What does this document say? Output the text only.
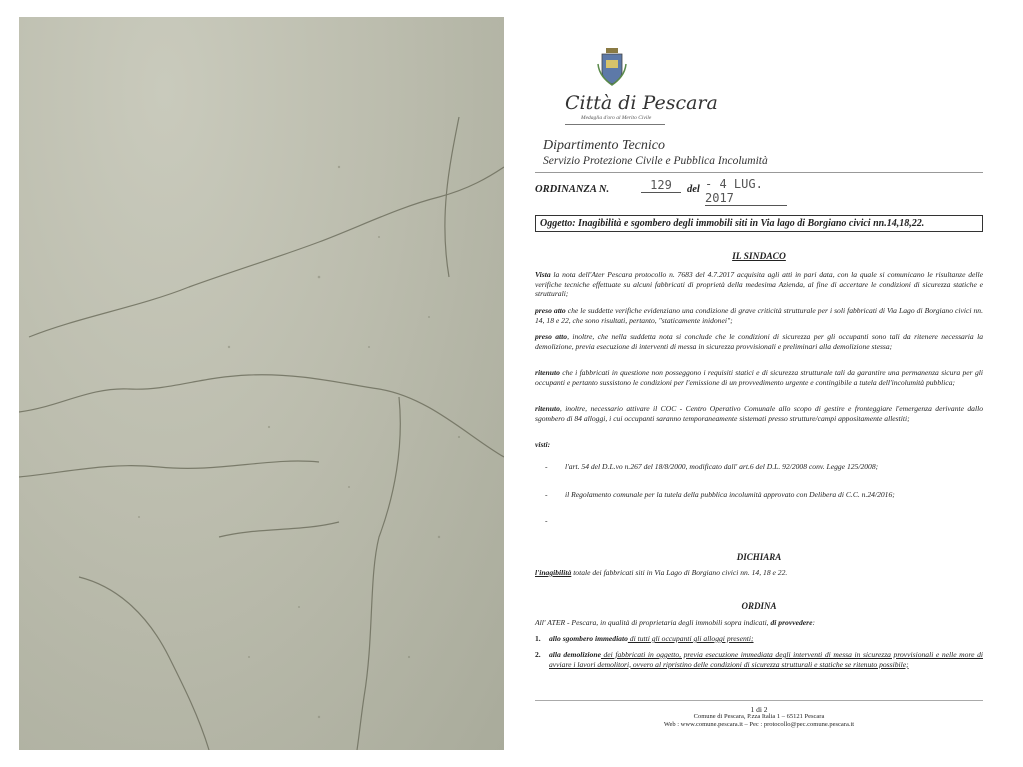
Città di Pescara
Medaglia d'oro al Merito Civile
Dipartimento Tecnico
Servizio Protezione Civile e Pubblica Incolumità
ORDINANZA N.	129	del - 4 LUG. 2017
Oggetto: Inagibilità e sgombero degli immobili siti in Via lago di Borgiano civici nn.14,18,22.
IL SINDACO
Vista la nota dell'Ater Pescara protocollo n. 7683 del 4.7.2017 acquisita agli atti in pari data, con la quale si comunicano le risultanze delle verifiche tecniche effettuate su alcuni fabbricati di proprietà della medesima Azienda, al fine di accertare le condizioni di sicurezza statiche e strutturali;
preso atto che le suddette verifiche evidenziano una condizione di grave criticità strutturale per i soli fabbricati di Via Lago di Borgiano civici nn. 14, 18 e 22, che sono risultati, pertanto, "staticamente inidonei";
preso atto, inoltre, che nella suddetta nota si conclude che le condizioni di sicurezza per gli occupanti sono tali da ritenere necessaria la demolizione, previa esecuzione di interventi di messa in sicurezza provvisionali e preliminari alla demolizione stessa;
ritenuto che i fabbricati in questione non posseggono i requisiti statici e di sicurezza strutturale tali da garantire una permanenza sicura per gli occupanti e pertanto sussistono le condizioni per l'emissione di un provvedimento urgente e contingibile a tutela dell'incolumità pubblica;
ritenuto, inoltre, necessario attivare il COC - Centro Operativo Comunale allo scopo di gestire e fronteggiare l'emergenza derivante dallo sgombero di 84 alloggi, i cui occupanti saranno temporaneamente sistemati presso strutture/campi appositamente allestiti;
visti:
- l'art. 54 del D.L.vo n.267 del 18/8/2000, modificato dall' art.6 del D.L. 92/2008 conv. Legge 125/2008;
- il Regolamento comunale per la tutela della pubblica incolumità approvato con Delibera di C.C. n.24/2016;
-
DICHIARA
l'inagibilità totale dei fabbricati siti in Via Lago di Borgiano civici nn. 14, 18 e 22.
ORDINA
All' ATER - Pescara, in qualità di proprietaria degli immobili sopra indicati, di provvedere:
1.	allo sgombero immediato di tutti gli occupanti gli alloggi presenti;
2.	alla demolizione dei fabbricati in oggetto, previa esecuzione immediata degli interventi di messa in sicurezza provvisionali e nelle more di avviare i lavori demolitori, ovvero al ripristino delle condizioni di sicurezza strutturali e statiche se ritenuto possibile;
1 di 2
Comune di Pescara, P.zza Italia 1 – 65121 Pescara
Web : www.comune.pescara.it – Pec : protocollo@pec.comune.pescara.it
